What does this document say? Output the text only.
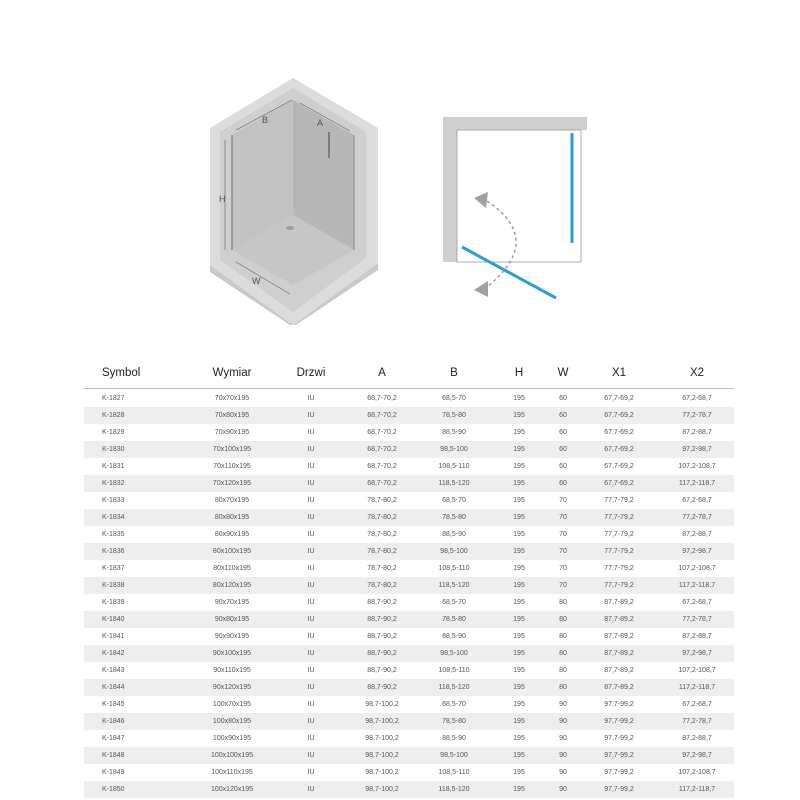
B	A
H
W
Symbol	Wymiar	Drzwi	A	B	H	W	X1	X2
K-1827	70x70x195	IU	68,7-70,2	68,5-70	195	60	67,7-69,2	67,2-68,7
K-1828	70x80x195	IU	68,7-70,2	78,5-80	195	60	67,7-69,2	77,2-78,7
K-1829	70x90x195	IU	68,7-70,2	88,5-90	195	60	67,7-69,2	87,2-88,7
K-1830	70x100x195	IU	68,7-70,2	98,5-100	195	60	67,7-69,2	97,2-98,7
K-1831	70x110x195	IU	68,7-70,2	108,5-110	195	60	67,7-69,2	107,2-108,7
K-1832	70x120x195	IU	68,7-70,2	118,5-120	195	60	67,7-69,2	117,2-118,7
K-1833	80x70x195	IU	78,7-80,2	68,5-70	195	70	77,7-79,2	67,2-68,7
K-1834	80x80x195	IU	78,7-80,2	78,5-80	195	70	77,7-79,2	77,2-78,7
K-1835	80x90x195	IU	78,7-80,2	88,5-90	195	70	77,7-79,2	87,2-88,7
K-1836	80x100x195	IU	78,7-80,2	98,5-100	195	70	77,7-79,2	97,2-98,7
K-1837	80x110x195	IU	78,7-80,2	108,5-110	195	70	77,7-79,2	107,2-108,7
K-1838	80x120x195	IU	78,7-80,2	118,5-120	195	70	77,7-79,2	117,2-118,7
K-1839	90x70x195	IU	88,7-90,2	68,5-70	195	80	87,7-89,2	67,2-68,7
K-1840	90x80x195	IU	88,7-90,2	78,5-80	195	80	87,7-89,2	77,2-78,7
K-1841	90x90x195	IU	88,7-90,2	88,5-90	195	80	87,7-89,2	87,2-88,7
K-1842	90x100x195	IU	88,7-90,2	98,5-100	195	80	87,7-89,2	97,2-98,7
K-1843	90x110x195	IU	88,7-90,2	108,5-110	195	80	87,7-89,2	107,2-108,7
K-1844	90x120x195	IU	88,7-90,2	118,5-120	195	80	87,7-89,2	117,2-118,7
K-1845	100x70x195	IU	98,7-100,2	68,5-70	195	90	97,7-99,2	67,2-68,7
K-1846	100x80x195	IU	98,7-100,2	78,5-80	195	90	97,7-99,2	77,2-78,7
K-1847	100x90x195	IU	98,7-100,2	88,5-90	195	90	97,7-99,2	87,2-88,7
K-1848	100x100x195	IU	98,7-100,2	98,5-100	195	90	97,7-99,2	97,2-98,7
K-1849	100x110x195	IU	98,7-100,2	108,5-110	195	90	97,7-99,2	107,2-108,7
K-1850	100x120x195	IU	98,7-100,2	118,5-120	195	90	97,7-99,2	117,2-118,7
